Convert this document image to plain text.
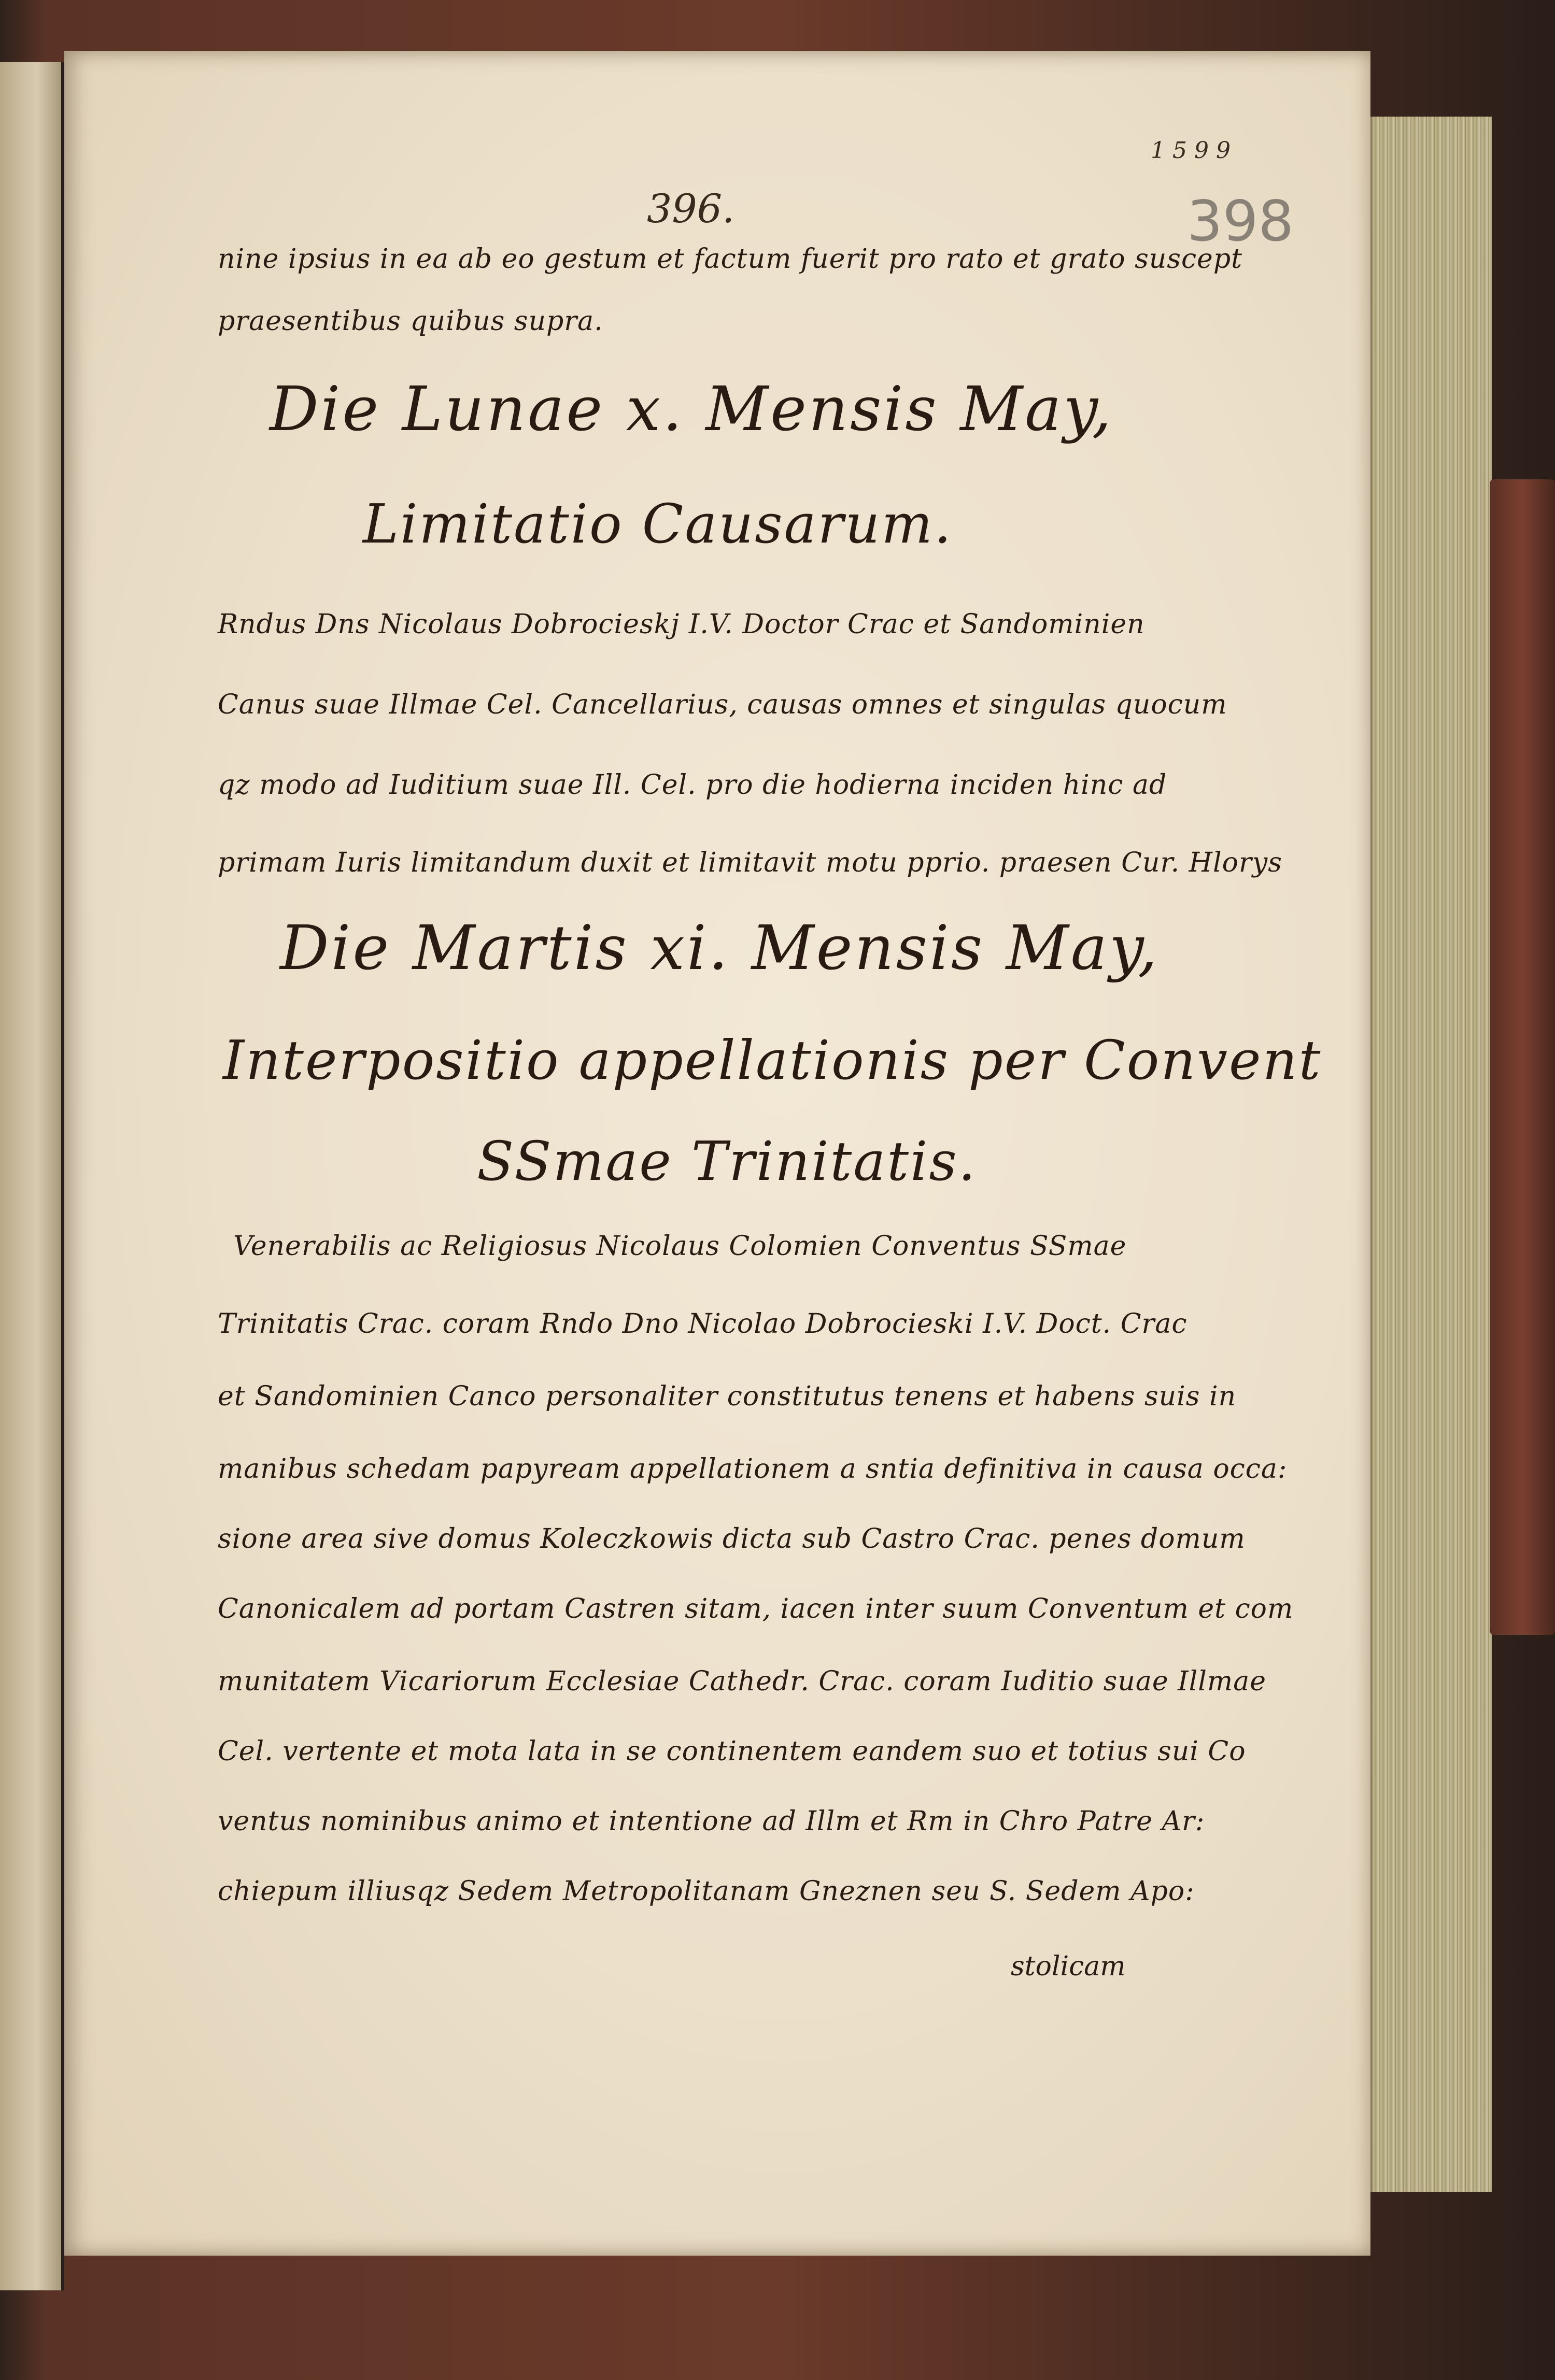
1599
398
396.
nine ipsius in ea ab eo gestum et factum fuerit pro rato et grato suscept
praesentibus quibus supra.
Die Lunae x. Mensis May,
Limitatio Causarum.
Rndus Dns Nicolaus Dobrocieskj I.V. Doctor Crac et Sandominien
Canus suae Illmae Cel. Cancellarius, causas omnes et singulas quocum
qz modo ad Iuditium suae Ill. Cel. pro die hodierna inciden hinc ad
primam Iuris limitandum duxit et limitavit motu pprio. praesen Cur. Hlorys
Die Martis xi. Mensis May,
Interpositio appellationis per Convent
SSmae Trinitatis.
Venerabilis ac Religiosus Nicolaus Colomien Conventus SSmae
Trinitatis Crac. coram Rndo Dno Nicolao Dobrocieski I.V. Doct. Crac
et Sandominien Canco personaliter constitutus tenens et habens suis in
manibus schedam papyream appellationem a sntia definitiva in causa occa:
sione area sive domus Koleczkowis dicta sub Castro Crac. penes domum
Canonicalem ad portam Castren sitam, iacen inter suum Conventum et com
munitatem Vicariorum Ecclesiae Cathedr. Crac. coram Iuditio suae Illmae
Cel. vertente et mota lata in se continentem eandem suo et totius sui Co
ventus nominibus animo et intentione ad Illm et Rm in Chro Patre Ar:
chiepum illiusqz Sedem Metropolitanam Gneznen seu S. Sedem Apo:
stolicam
